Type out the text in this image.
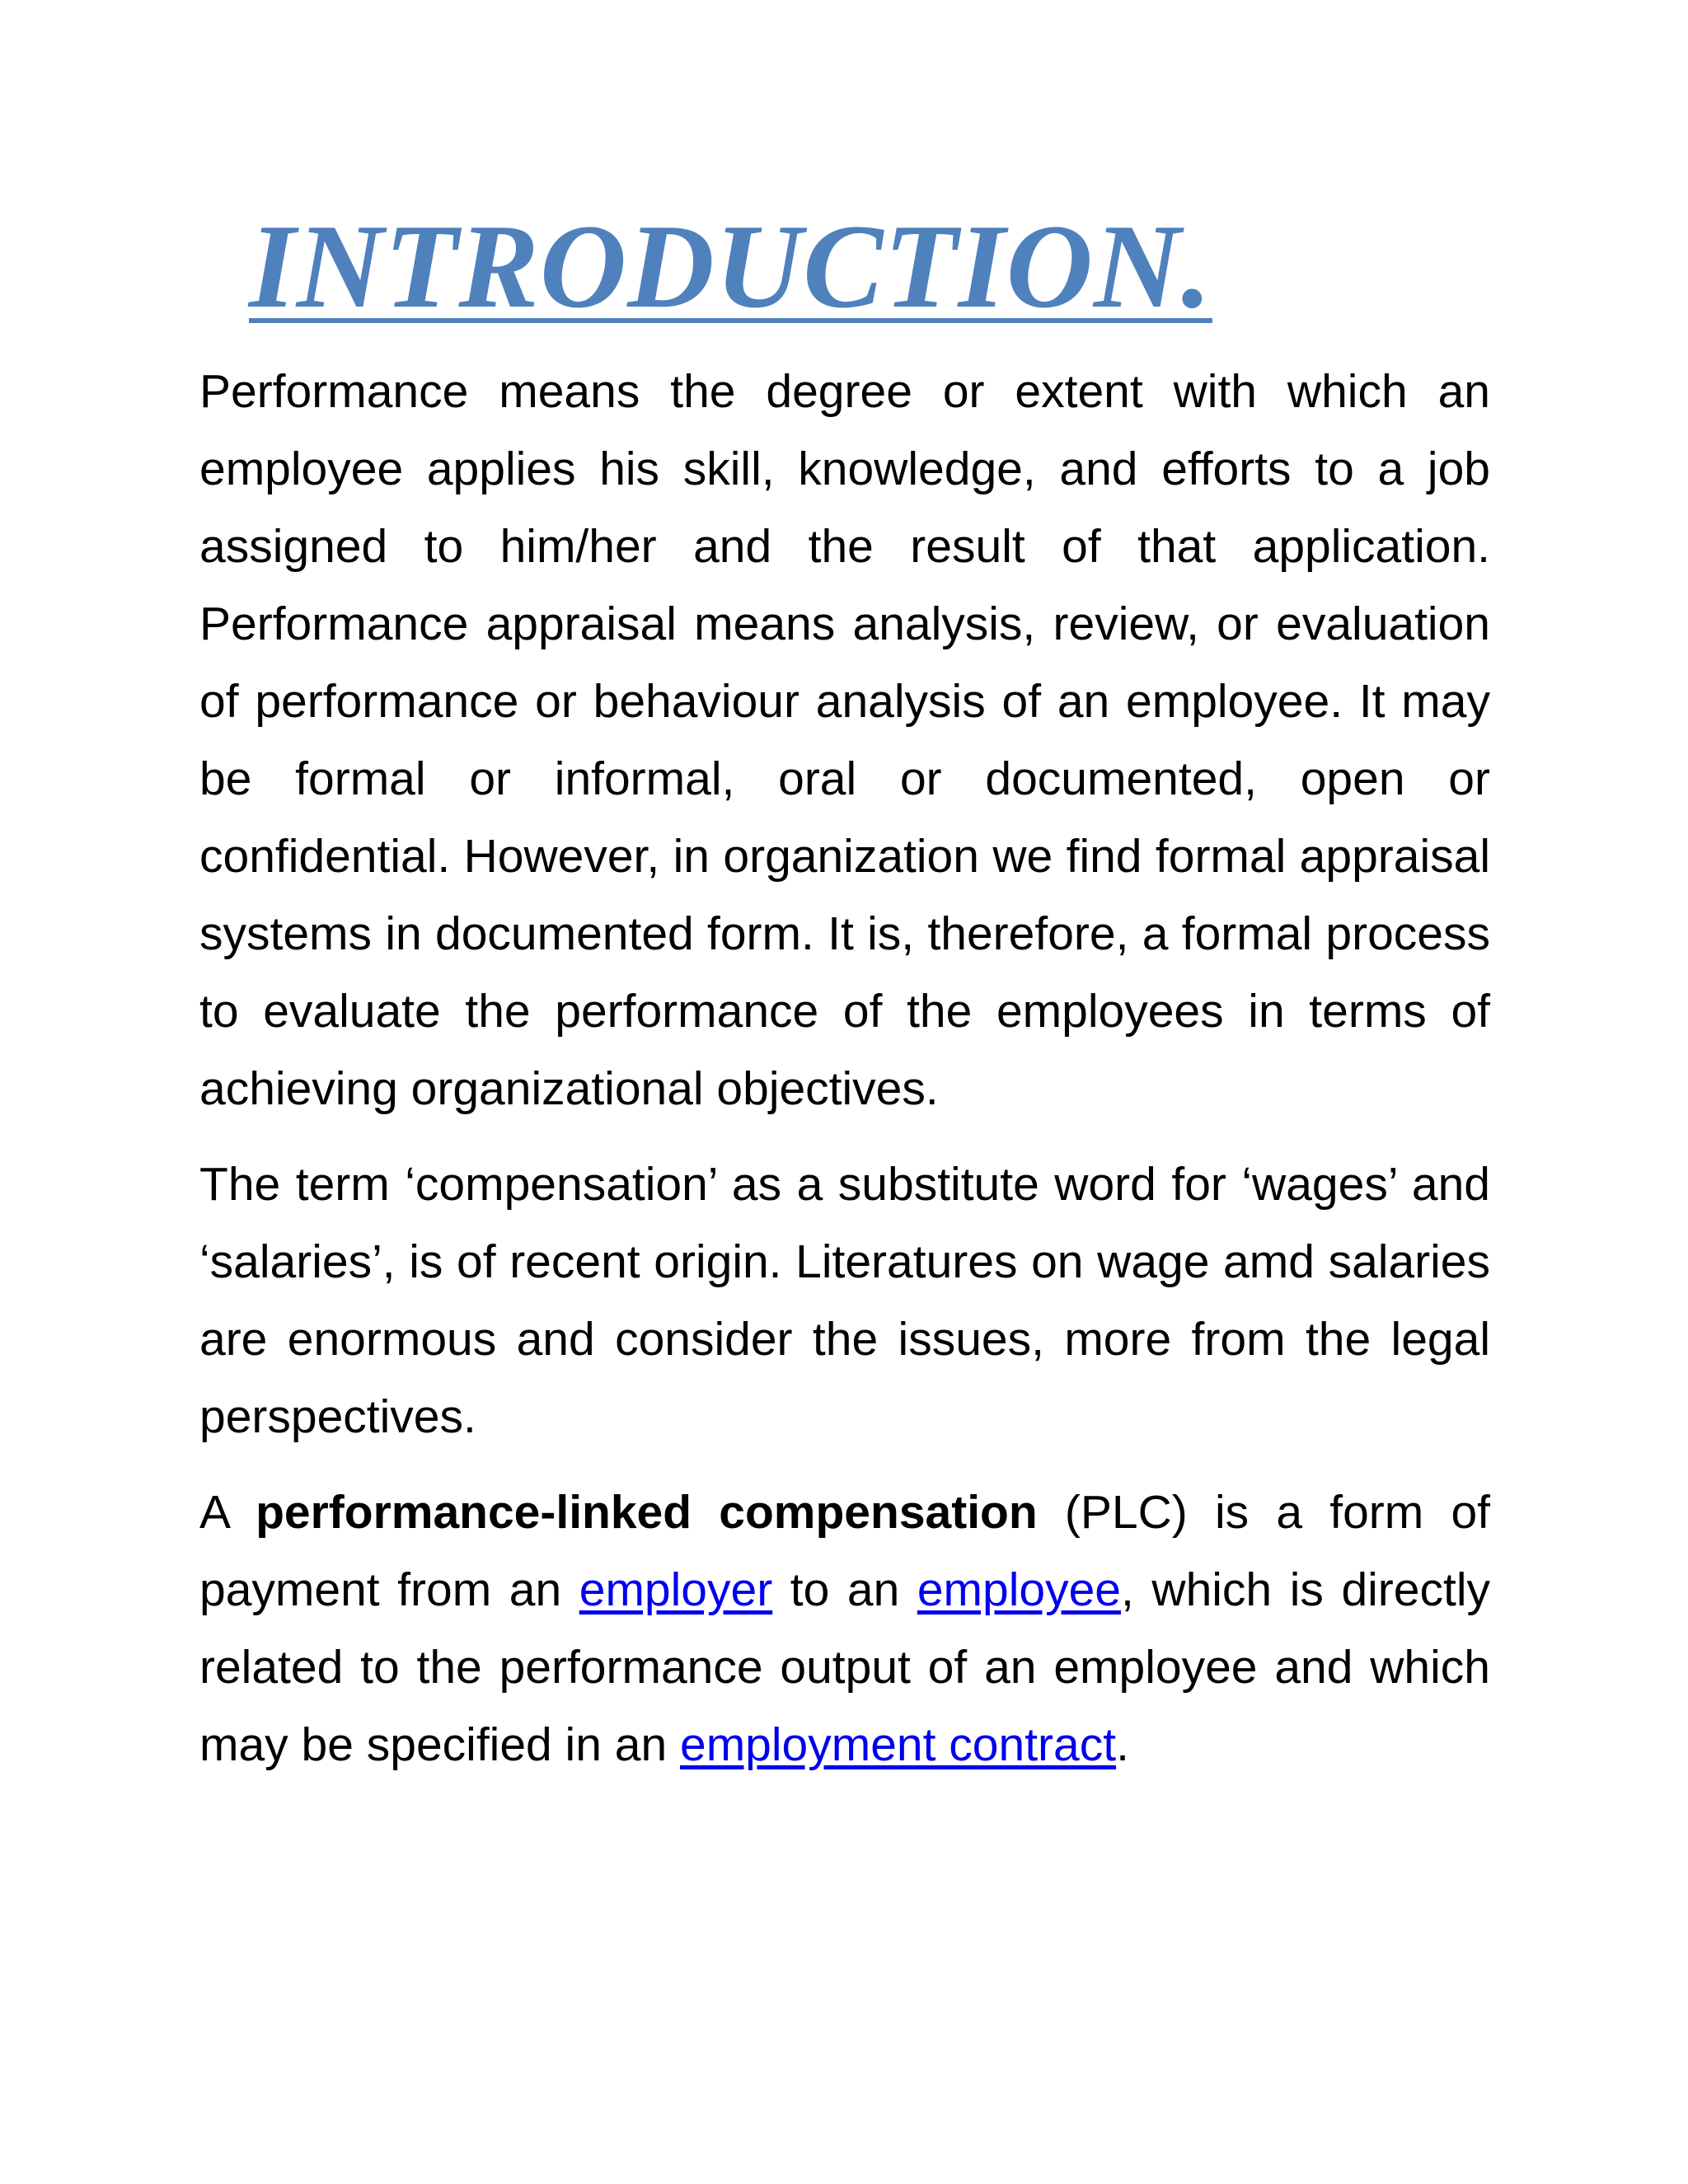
INTRODUCTION.

Performance means the degree or extent with which an employee applies his skill, knowledge, and efforts to a job assigned to him/her and the result of that application. Performance appraisal means analysis, review, or evaluation of performance or behaviour analysis of an employee. It may be formal or informal, oral or documented, open or confidential. However, in organization we find formal appraisal systems in documented form. It is, therefore, a formal process to evaluate the performance of the employees in terms of achieving organizational objectives.

The term ‘compensation’ as a substitute word for ‘wages’ and ‘salaries’, is of recent origin. Literatures on wage amd salaries are enormous and consider the issues, more from the legal perspectives.

A performance-linked compensation (PLC) is a form of payment from an employer to an employee, which is directly related to the performance output of an employee and which may be specified in an employment contract.
